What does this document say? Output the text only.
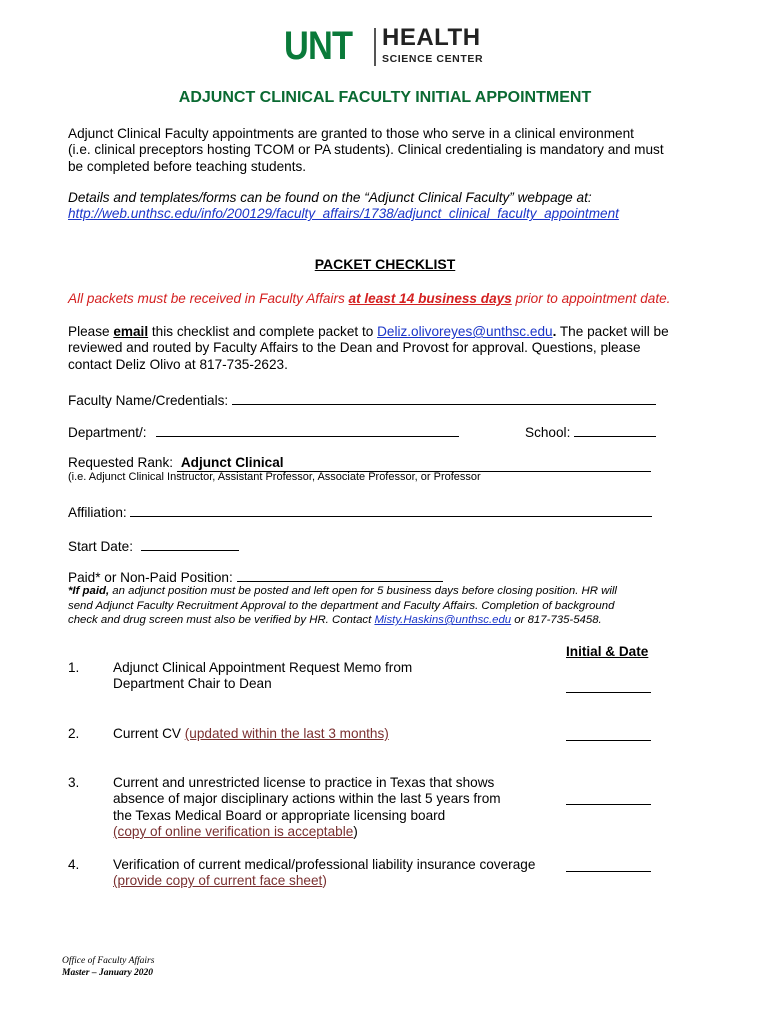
UNT HEALTH
SCIENCE CENTER
ADJUNCT CLINICAL FACULTY INITIAL APPOINTMENT
Adjunct Clinical Faculty appointments are granted to those who serve in a clinical environment
(i.e. clinical preceptors hosting TCOM or PA students). Clinical credentialing is mandatory and must
be completed before teaching students.
Details and templates/forms can be found on the “Adjunct Clinical Faculty” webpage at:
http://web.unthsc.edu/info/200129/faculty_affairs/1738/adjunct_clinical_faculty_appointment
PACKET CHECKLIST
All packets must be received in Faculty Affairs at least 14 business days prior to appointment date.
Please email this checklist and complete packet to Deliz.olivoreyes@unthsc.edu. The packet will be
reviewed and routed by Faculty Affairs to the Dean and Provost for approval. Questions, please
contact Deliz Olivo at 817-735-2623.
Faculty Name/Credentials:
Department/:	School:
Requested Rank: Adjunct Clinical
(i.e. Adjunct Clinical Instructor, Assistant Professor, Associate Professor, or Professor
Affiliation:
Start Date:
Paid* or Non-Paid Position:
*If paid, an adjunct position must be posted and left open for 5 business days before closing position. HR will
send Adjunct Faculty Recruitment Approval to the department and Faculty Affairs. Completion of background
check and drug screen must also be verified by HR. Contact Misty.Haskins@unthsc.edu or 817-735-5458.
Initial & Date
1. Adjunct Clinical Appointment Request Memo from
Department Chair to Dean
2. Current CV (updated within the last 3 months)
3. Current and unrestricted license to practice in Texas that shows
absence of major disciplinary actions within the last 5 years from
the Texas Medical Board or appropriate licensing board
(copy of online verification is acceptable)
4. Verification of current medical/professional liability insurance coverage
(provide copy of current face sheet)
Office of Faculty Affairs
Master – January 2020
